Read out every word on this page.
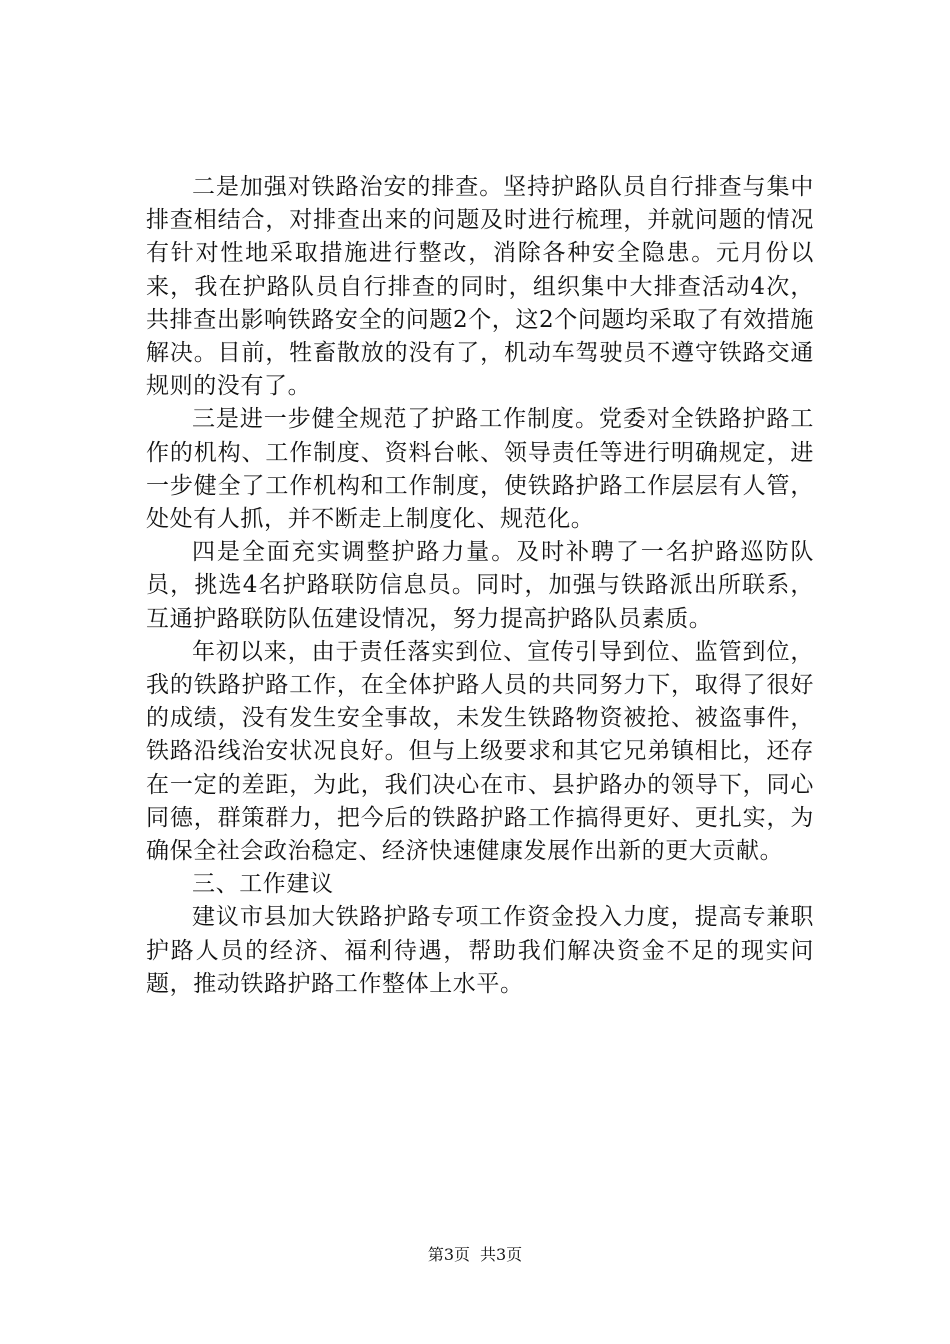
二是加强对铁路治安的排查。坚持护路队员自行排查与集中排查相结合，对排查出来的问题及时进行梳理，并就问题的情况有针对性地采取措施进行整改，消除各种安全隐患。元月份以来，我在护路队员自行排查的同时，组织集中大排查活动4次，共排查出影响铁路安全的问题2个，这2个问题均采取了有效措施解决。目前，牲畜散放的没有了，机动车驾驶员不遵守铁路交通规则的没有了。

三是进一步健全规范了护路工作制度。党委对全铁路护路工作的机构、工作制度、资料台帐、领导责任等进行明确规定，进一步健全了工作机构和工作制度，使铁路护路工作层层有人管，处处有人抓，并不断走上制度化、规范化。

四是全面充实调整护路力量。及时补聘了一名护路巡防队员，挑选4名护路联防信息员。同时，加强与铁路派出所联系，互通护路联防队伍建设情况，努力提高护路队员素质。

年初以来，由于责任落实到位、宣传引导到位、监管到位，我的铁路护路工作，在全体护路人员的共同努力下，取得了很好的成绩，没有发生安全事故，未发生铁路物资被抢、被盗事件，铁路沿线治安状况良好。但与上级要求和其它兄弟镇相比，还存在一定的差距，为此，我们决心在市、县护路办的领导下，同心同德，群策群力，把今后的铁路护路工作搞得更好、更扎实，为确保全社会政治稳定、经济快速健康发展作出新的更大贡献。

三、工作建议

建议市县加大铁路护路专项工作资金投入力度，提高专兼职护路人员的经济、福利待遇，帮助我们解决资金不足的现实问题，推动铁路护路工作整体上水平。

第3页 共3页
